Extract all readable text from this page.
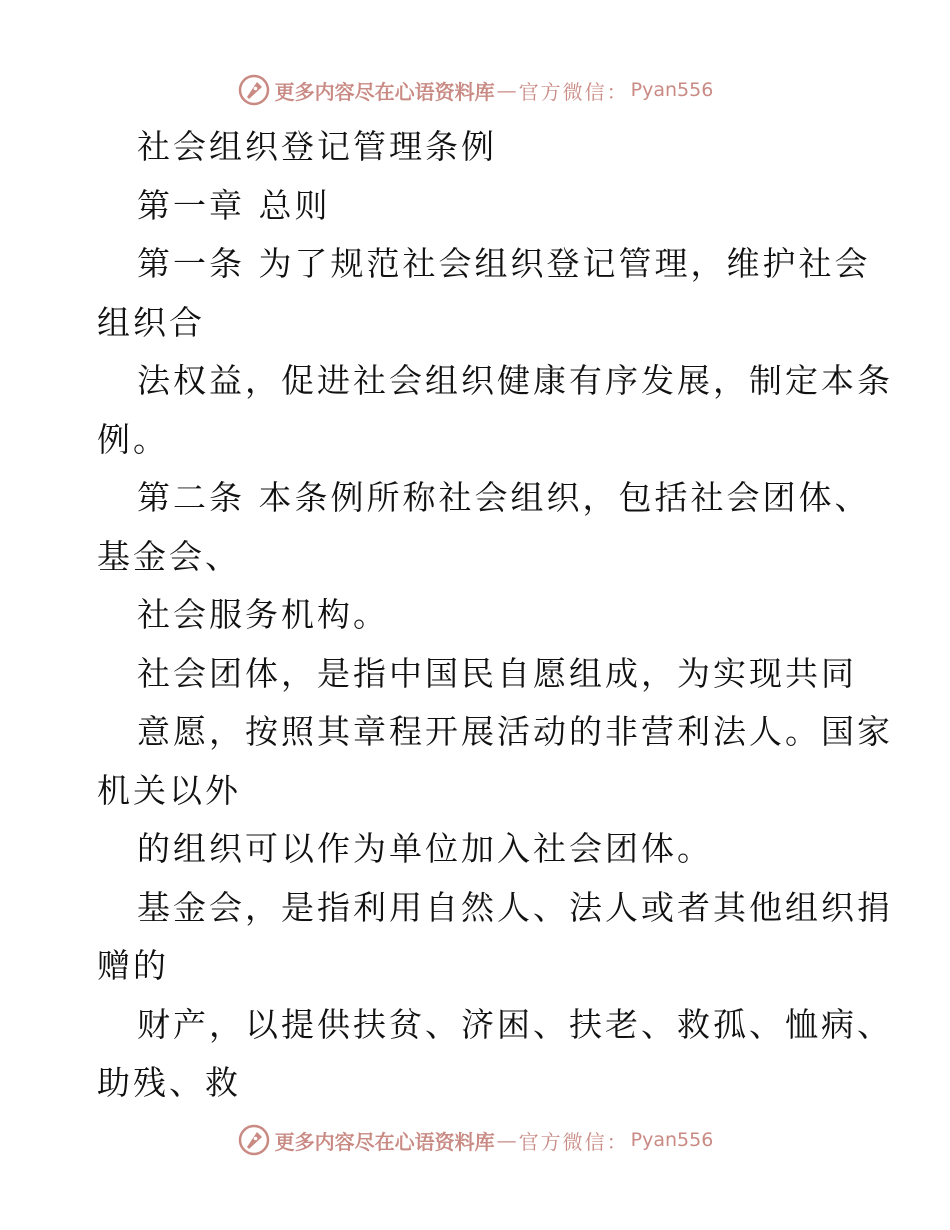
更多内容尽在心语资料库 — 官方微信： Pyan556
社会组织登记管理条例
第一章 总则
第一条 为了规范社会组织登记管理，维护社会
组织合
法权益，促进社会组织健康有序发展，制定本条
例。
第二条 本条例所称社会组织，包括社会团体、
基金会、
社会服务机构。
社会团体，是指中国民自愿组成，为实现共同
意愿，按照其章程开展活动的非营利法人。国家
机关以外
的组织可以作为单位加入社会团体。
基金会，是指利用自然人、法人或者其他组织捐
赠的
财产，以提供扶贫、济困、扶老、救孤、恤病、
助残、救
更多内容尽在心语资料库 — 官方微信： Pyan556
